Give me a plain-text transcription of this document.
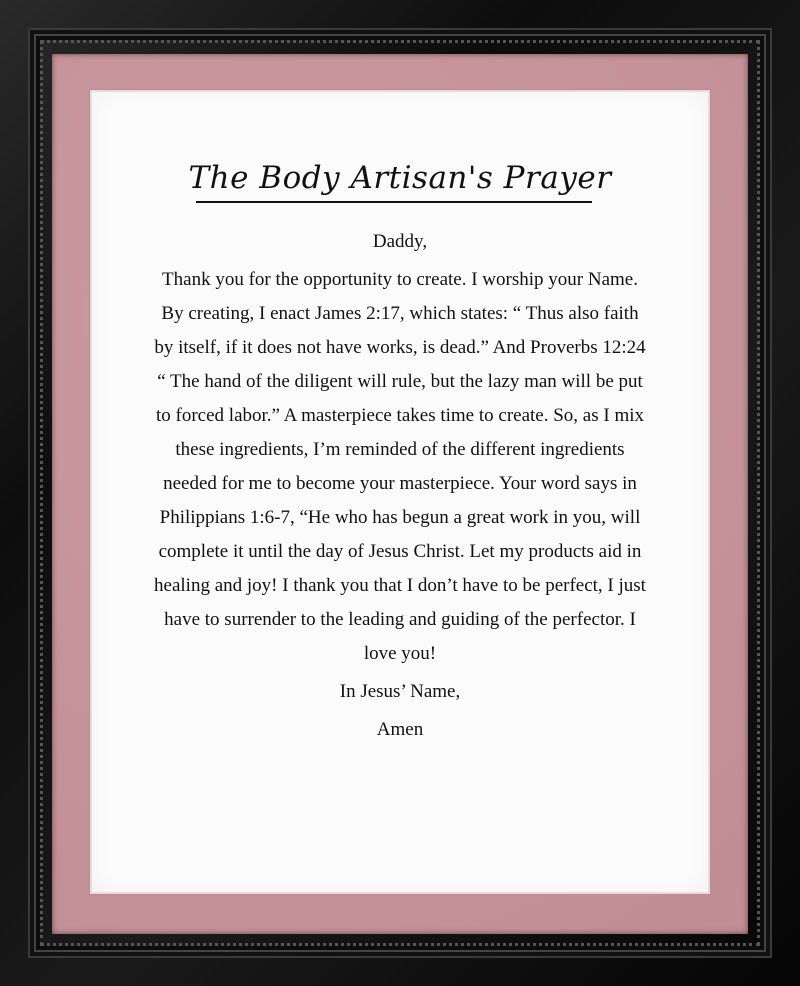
The Body Artisan's Prayer
Daddy,
Thank you for the opportunity to create. I worship your Name. By creating, I enact James 2:17, which states: “ Thus also faith by itself, if it does not have works, is dead.” And Proverbs 12:24 “ The hand of the diligent will rule, but the lazy man will be put to forced labor.” A masterpiece takes time to create. So, as I mix these ingredients, I’m reminded of the different ingredients needed for me to become your masterpiece. Your word says in Philippians 1:6-7, “He who has begun a great work in you, will complete it until the day of Jesus Christ. Let my products aid in healing and joy! I thank you that I don’t have to be perfect, I just have to surrender to the leading and guiding of the perfector. I love you!
In Jesus’ Name,
Amen
